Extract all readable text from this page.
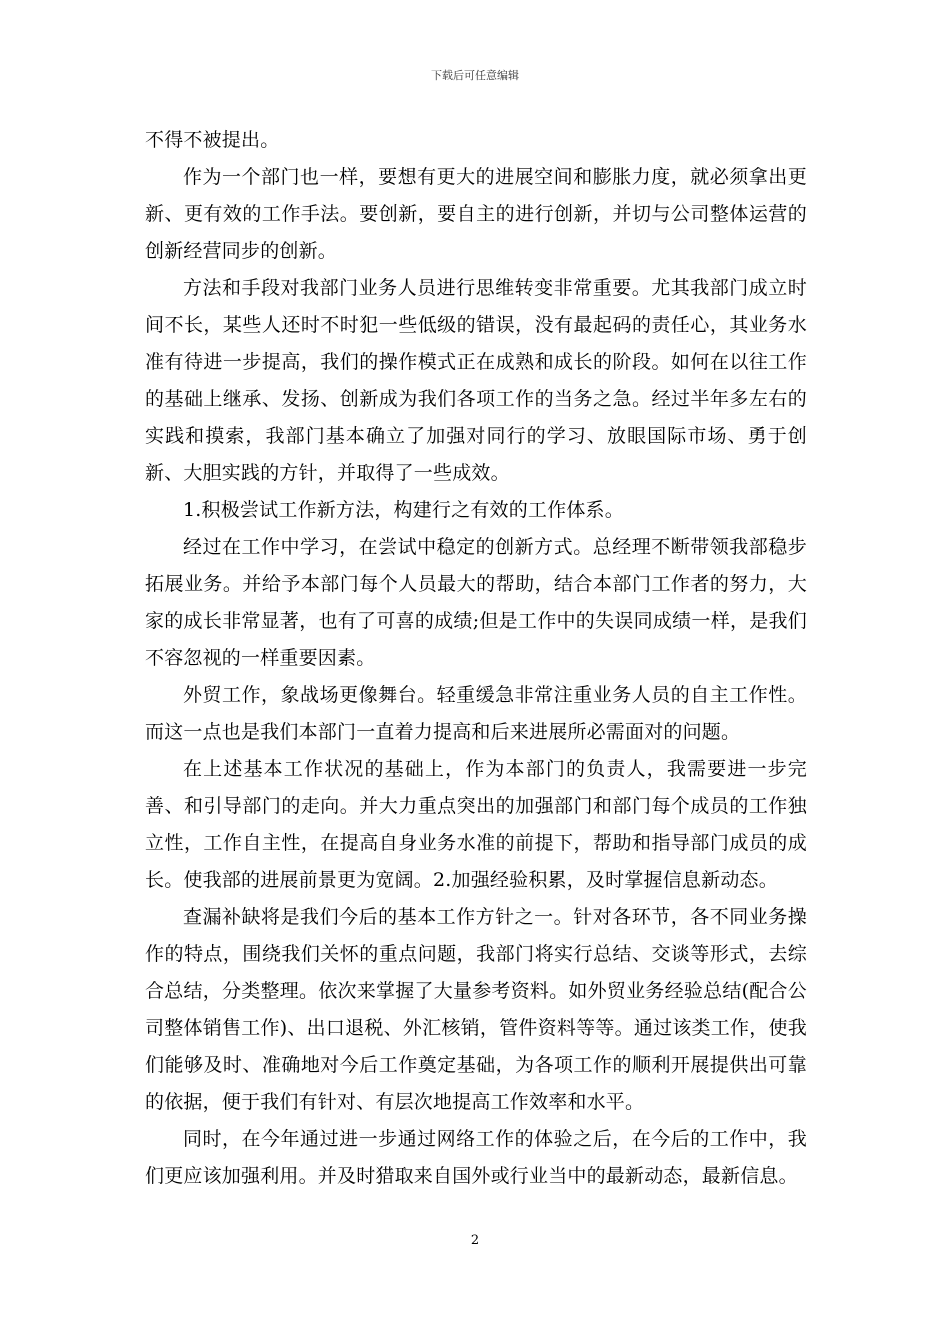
下载后可任意编辑

不得不被提出。

作为一个部门也一样，要想有更大的进展空间和膨胀力度，就必须拿出更新、更有效的工作手法。要创新，要自主的进行创新，并切与公司整体运营的创新经营同步的创新。

方法和手段对我部门业务人员进行思维转变非常重要。尤其我部门成立时间不长，某些人还时不时犯一些低级的错误，没有最起码的责任心，其业务水准有待进一步提高，我们的操作模式正在成熟和成长的阶段。如何在以往工作的基础上继承、发扬、创新成为我们各项工作的当务之急。经过半年多左右的实践和摸索，我部门基本确立了加强对同行的学习、放眼国际市场、勇于创新、大胆实践的方针，并取得了一些成效。

1.积极尝试工作新方法，构建行之有效的工作体系。

经过在工作中学习，在尝试中稳定的创新方式。总经理不断带领我部稳步拓展业务。并给予本部门每个人员最大的帮助，结合本部门工作者的努力，大家的成长非常显著，也有了可喜的成绩;但是工作中的失误同成绩一样，是我们不容忽视的一样重要因素。

外贸工作，象战场更像舞台。轻重缓急非常注重业务人员的自主工作性。而这一点也是我们本部门一直着力提高和后来进展所必需面对的问题。

在上述基本工作状况的基础上，作为本部门的负责人，我需要进一步完善、和引导部门的走向。并大力重点突出的加强部门和部门每个成员的工作独立性，工作自主性，在提高自身业务水准的前提下，帮助和指导部门成员的成长。使我部的进展前景更为宽阔。2.加强经验积累，及时掌握信息新动态。

查漏补缺将是我们今后的基本工作方针之一。针对各环节，各不同业务操作的特点，围绕我们关怀的重点问题，我部门将实行总结、交谈等形式，去综合总结，分类整理。依次来掌握了大量参考资料。如外贸业务经验总结(配合公司整体销售工作)、出口退税、外汇核销，管件资料等等。通过该类工作，使我们能够及时、准确地对今后工作奠定基础，为各项工作的顺利开展提供出可靠的依据，便于我们有针对、有层次地提高工作效率和水平。

同时，在今年通过进一步通过网络工作的体验之后，在今后的工作中，我们更应该加强利用。并及时猎取来自国外或行业当中的最新动态，最新信息。

2
